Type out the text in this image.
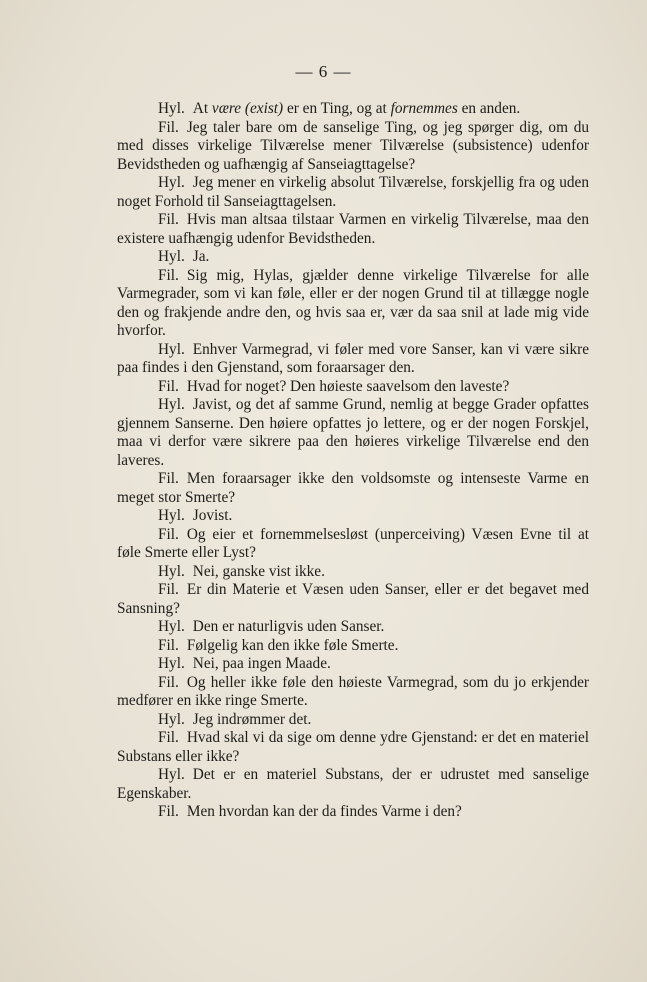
— 6 —

Hyl. At være (exist) er en Ting, og at fornemmes en anden.

Fil. Jeg taler bare om de sanselige Ting, og jeg spørger dig, om du med disses virkelige Tilværelse mener Tilværelse (subsistence) udenfor Bevidstheden og uafhængig af Sanseiagttagelse?

Hyl. Jeg mener en virkelig absolut Tilværelse, forskjellig fra og uden noget Forhold til Sanseiagttagelsen.

Fil. Hvis man altsaa tilstaar Varmen en virkelig Tilværelse, maa den existere uafhængig udenfor Bevidstheden.

Hyl. Ja.

Fil. Sig mig, Hylas, gjælder denne virkelige Tilværelse for alle Varmegrader, som vi kan føle, eller er der nogen Grund til at tillægge nogle den og frakjende andre den, og hvis saa er, vær da saa snil at lade mig vide hvorfor.

Hyl. Enhver Varmegrad, vi føler med vore Sanser, kan vi være sikre paa findes i den Gjenstand, som foraarsager den.

Fil. Hvad for noget? Den høieste saavelsom den laveste?

Hyl. Javist, og det af samme Grund, nemlig at begge Grader opfattes gjennem Sanserne. Den høiere opfattes jo lettere, og er der nogen Forskjel, maa vi derfor være sikrere paa den høieres virkelige Tilværelse end den laveres.

Fil. Men foraarsager ikke den voldsomste og intenseste Varme en meget stor Smerte?

Hyl. Jovist.

Fil. Og eier et fornemmelsesløst (unperceiving) Væsen Evne til at føle Smerte eller Lyst?

Hyl. Nei, ganske vist ikke.

Fil. Er din Materie et Væsen uden Sanser, eller er det begavet med Sansning?

Hyl. Den er naturligvis uden Sanser.

Fil. Følgelig kan den ikke føle Smerte.

Hyl. Nei, paa ingen Maade.

Fil. Og heller ikke føle den høieste Varmegrad, som du jo erkjender medfører en ikke ringe Smerte.

Hyl. Jeg indrømmer det.

Fil. Hvad skal vi da sige om denne ydre Gjenstand: er det en materiel Substans eller ikke?

Hyl. Det er en materiel Substans, der er udrustet med sanselige Egenskaber.

Fil. Men hvordan kan der da findes Varme i den?
